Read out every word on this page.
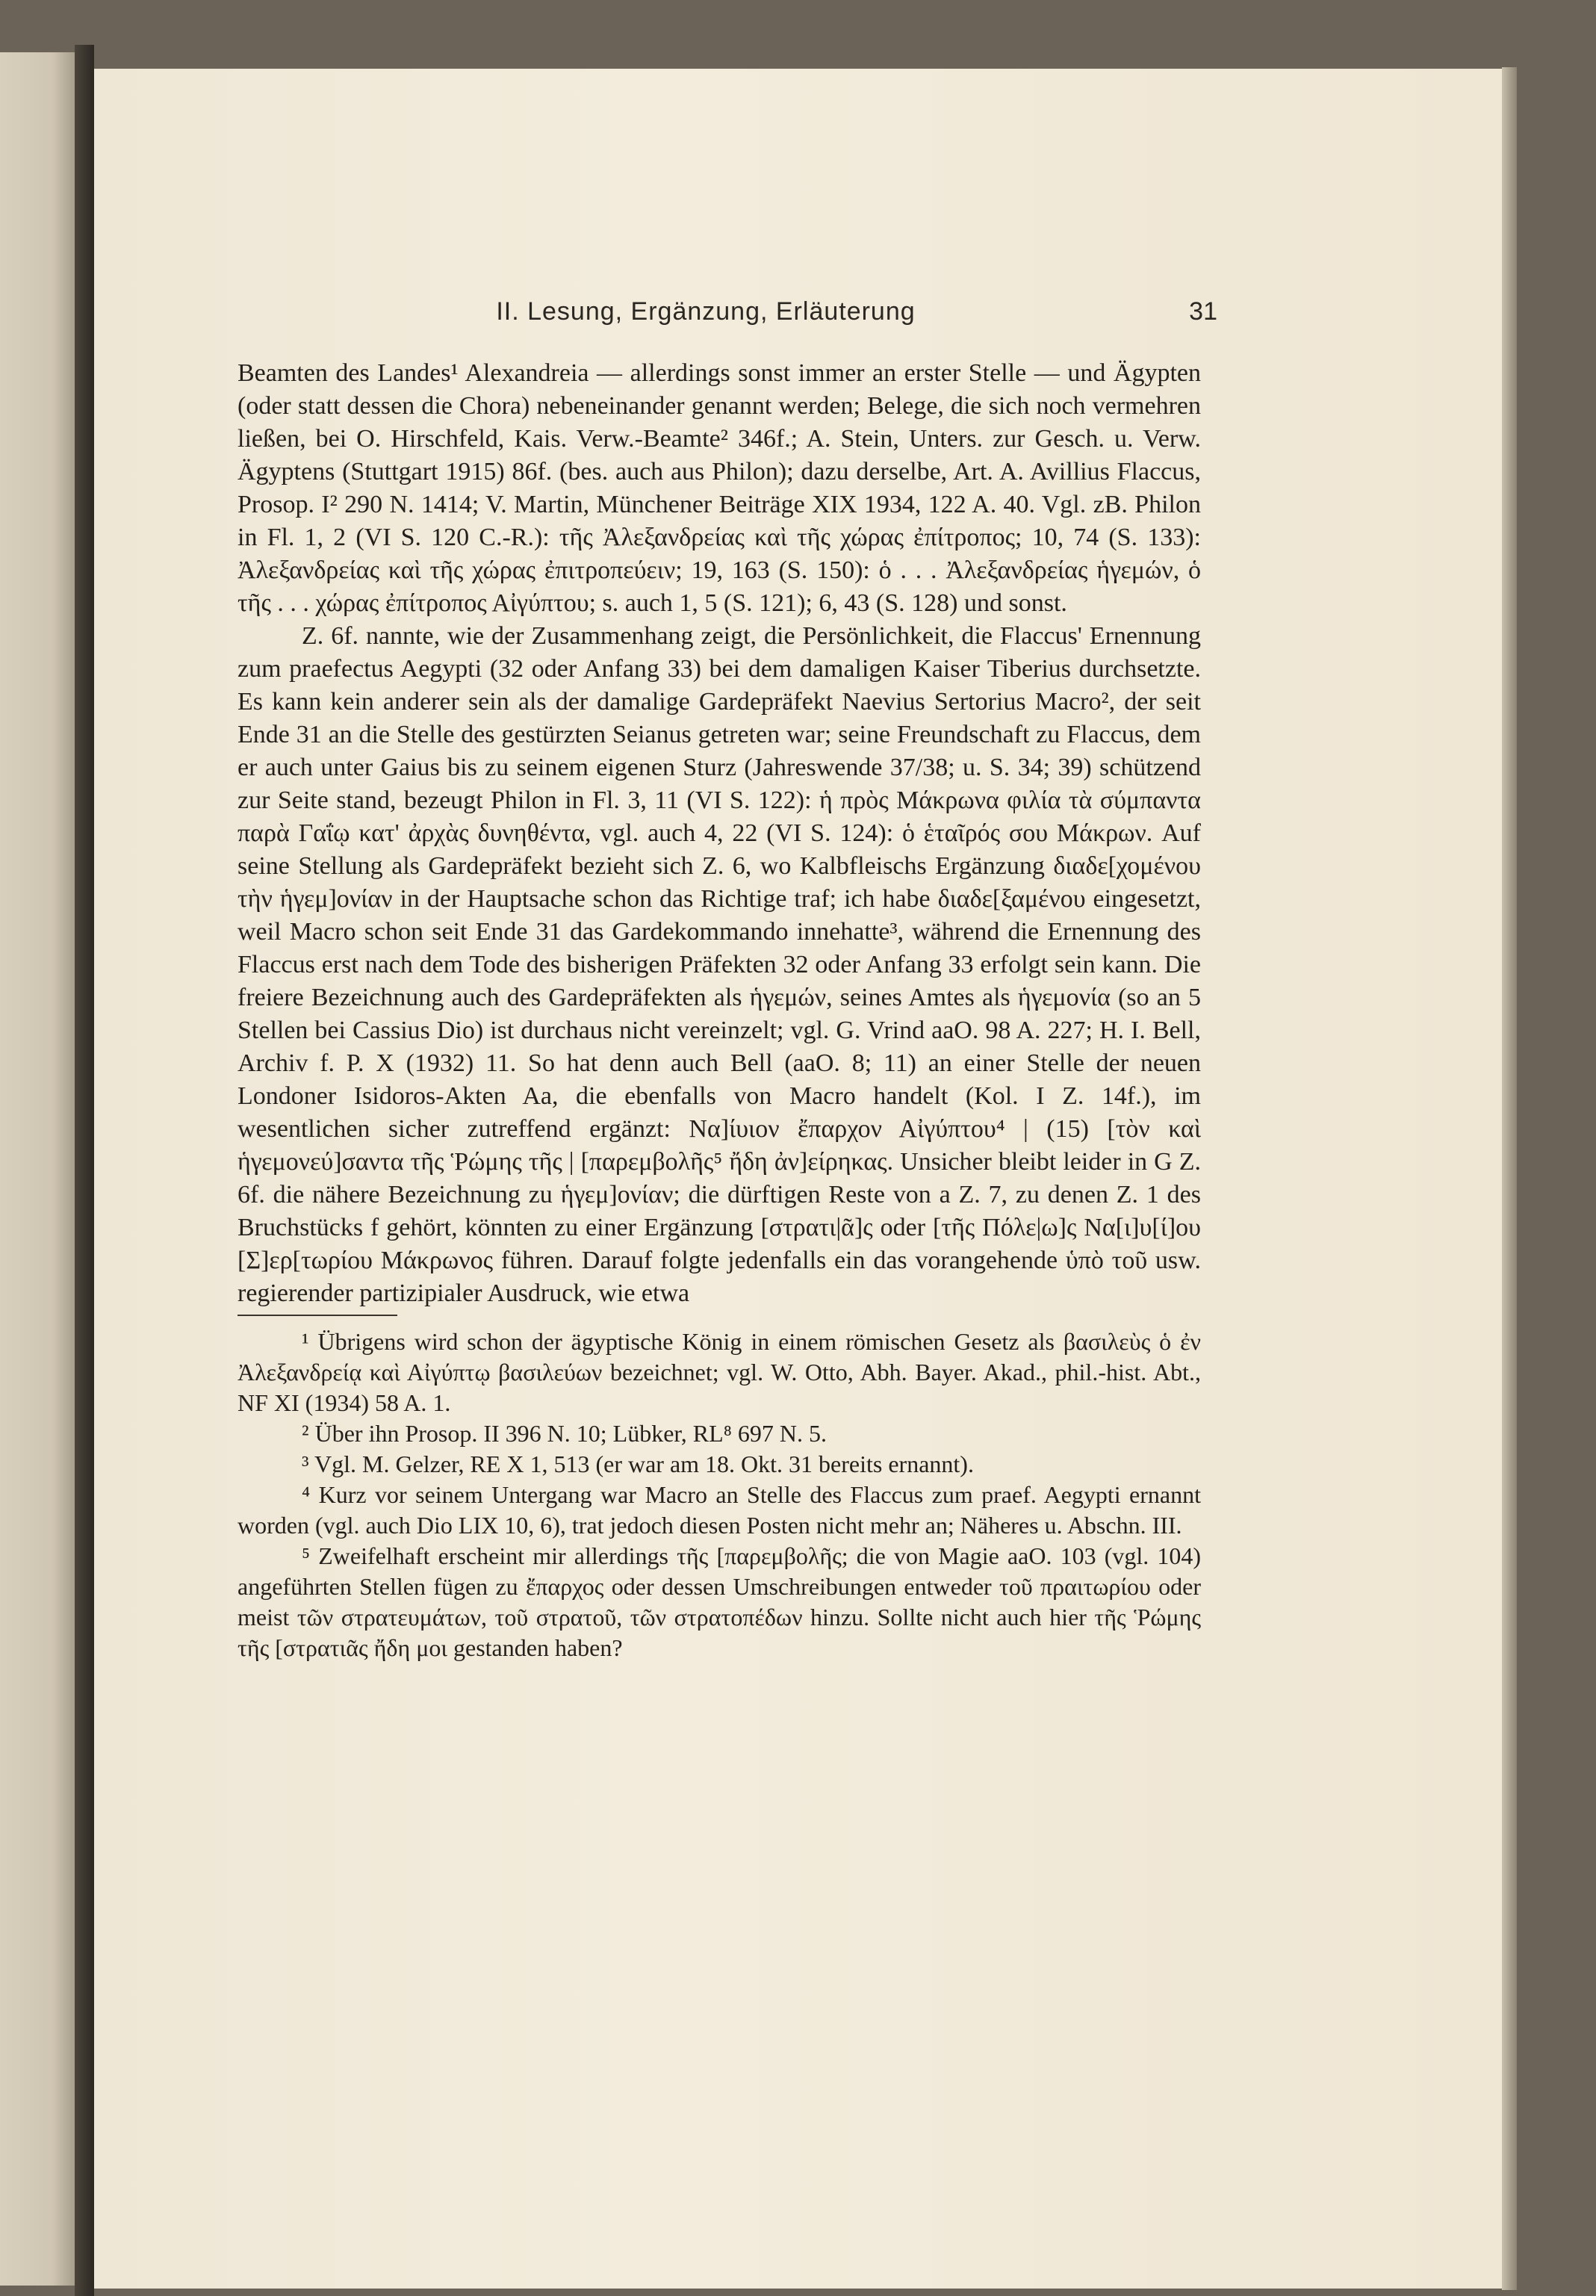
II. Lesung, Ergänzung, Erläuterung	31

Beamten des Landes¹ Alexandreia — allerdings sonst immer an erster Stelle — und Ägypten (oder statt dessen die Chora) nebeneinander genannt werden; Belege, die sich noch vermehren ließen, bei O. Hirschfeld, Kais. Verw.-Beamte² 346f.; A. Stein, Unters. zur Gesch. u. Verw. Ägyptens (Stuttgart 1915) 86f. (bes. auch aus Philon); dazu derselbe, Art. A. Avillius Flaccus, Prosop. I² 290 N. 1414; V. Martin, Münchener Beiträge XIX 1934, 122 A. 40. Vgl. zB. Philon in Fl. 1, 2 (VI S. 120 C.-R.): τῆς Ἀλεξανδρείας καὶ τῆς χώρας ἐπίτροπος; 10, 74 (S. 133): Ἀλεξανδρείας καὶ τῆς χώρας ἐπιτροπεύειν; 19, 163 (S. 150): ὁ . . . Ἀλεξανδρείας ἡγεμών, ὁ τῆς . . . χώρας ἐπίτροπος Αἰγύπτου; s. auch 1, 5 (S. 121); 6, 43 (S. 128) und sonst.

Z. 6f. nannte, wie der Zusammenhang zeigt, die Persönlichkeit, die Flaccus' Ernennung zum praefectus Aegypti (32 oder Anfang 33) bei dem damaligen Kaiser Tiberius durchsetzte. Es kann kein anderer sein als der damalige Gardepräfekt Naevius Sertorius Macro², der seit Ende 31 an die Stelle des gestürzten Seianus getreten war; seine Freundschaft zu Flaccus, dem er auch unter Gaius bis zu seinem eigenen Sturz (Jahreswende 37/38; u. S. 34; 39) schützend zur Seite stand, bezeugt Philon in Fl. 3, 11 (VI S. 122): ἡ πρὸς Μάκρωνα φιλία τὰ σύμπαντα παρὰ Γαΐῳ κατ' ἀρχὰς δυνηθέντα, vgl. auch 4, 22 (VI S. 124): ὁ ἑταῖρός σου Μάκρων. Auf seine Stellung als Gardepräfekt bezieht sich Z. 6, wo Kalbfleischs Ergänzung διαδε[χομένου τὴν ἡγεμ]ονίαν in der Hauptsache schon das Richtige traf; ich habe διαδε[ξαμένου eingesetzt, weil Macro schon seit Ende 31 das Gardekommando innehatte³, während die Ernennung des Flaccus erst nach dem Tode des bisherigen Präfekten 32 oder Anfang 33 erfolgt sein kann. Die freiere Bezeichnung auch des Gardepräfekten als ἡγεμών, seines Amtes als ἡγεμονία (so an 5 Stellen bei Cassius Dio) ist durchaus nicht vereinzelt; vgl. G. Vrind aaO. 98 A. 227; H. I. Bell, Archiv f. P. X (1932) 11. So hat denn auch Bell (aaO. 8; 11) an einer Stelle der neuen Londoner Isidoros-Akten Aa, die ebenfalls von Macro handelt (Kol. I Z. 14f.), im wesentlichen sicher zutreffend ergänzt: Να]ίυιον ἔπαρχον Αἰγύπτου⁴ | (15) [τὸν καὶ ἡγεμονεύ]σαντα τῆς Ῥώμης τῆς | [παρεμβολῆς⁵ ἤδη ἀν]είρηκας. Unsicher bleibt leider in G Z. 6f. die nähere Bezeichnung zu ἡγεμ]ονίαν; die dürftigen Reste von a Z. 7, zu denen Z. 1 des Bruchstücks f gehört, könnten zu einer Ergänzung [στρατι|ᾶ]ς oder [τῆς Πόλε|ω]ς Να[ι]υ[ί]ου [Σ]ερ[τωρίου Μάκρωνος führen. Darauf folgte jedenfalls ein das vorangehende ὑπὸ τοῦ usw. regierender partizipialer Ausdruck, wie etwa

¹ Übrigens wird schon der ägyptische König in einem römischen Gesetz als βασιλεὺς ὁ ἐν Ἀλεξανδρείᾳ καὶ Αἰγύπτῳ βασιλεύων bezeichnet; vgl. W. Otto, Abh. Bayer. Akad., phil.-hist. Abt., NF XI (1934) 58 A. 1.

² Über ihn Prosop. II 396 N. 10; Lübker, RL⁸ 697 N. 5.

³ Vgl. M. Gelzer, RE X 1, 513 (er war am 18. Okt. 31 bereits ernannt).

⁴ Kurz vor seinem Untergang war Macro an Stelle des Flaccus zum praef. Aegypti ernannt worden (vgl. auch Dio LIX 10, 6), trat jedoch diesen Posten nicht mehr an; Näheres u. Abschn. III.

⁵ Zweifelhaft erscheint mir allerdings τῆς [παρεμβολῆς; die von Magie aaO. 103 (vgl. 104) angeführten Stellen fügen zu ἔπαρχος oder dessen Umschreibungen entweder τοῦ πραιτωρίου oder meist τῶν στρατευμάτων, τοῦ στρατοῦ, τῶν στρατοπέδων hinzu. Sollte nicht auch hier τῆς Ῥώμης τῆς [στρατιᾶς ἤδη μοι gestanden haben?
